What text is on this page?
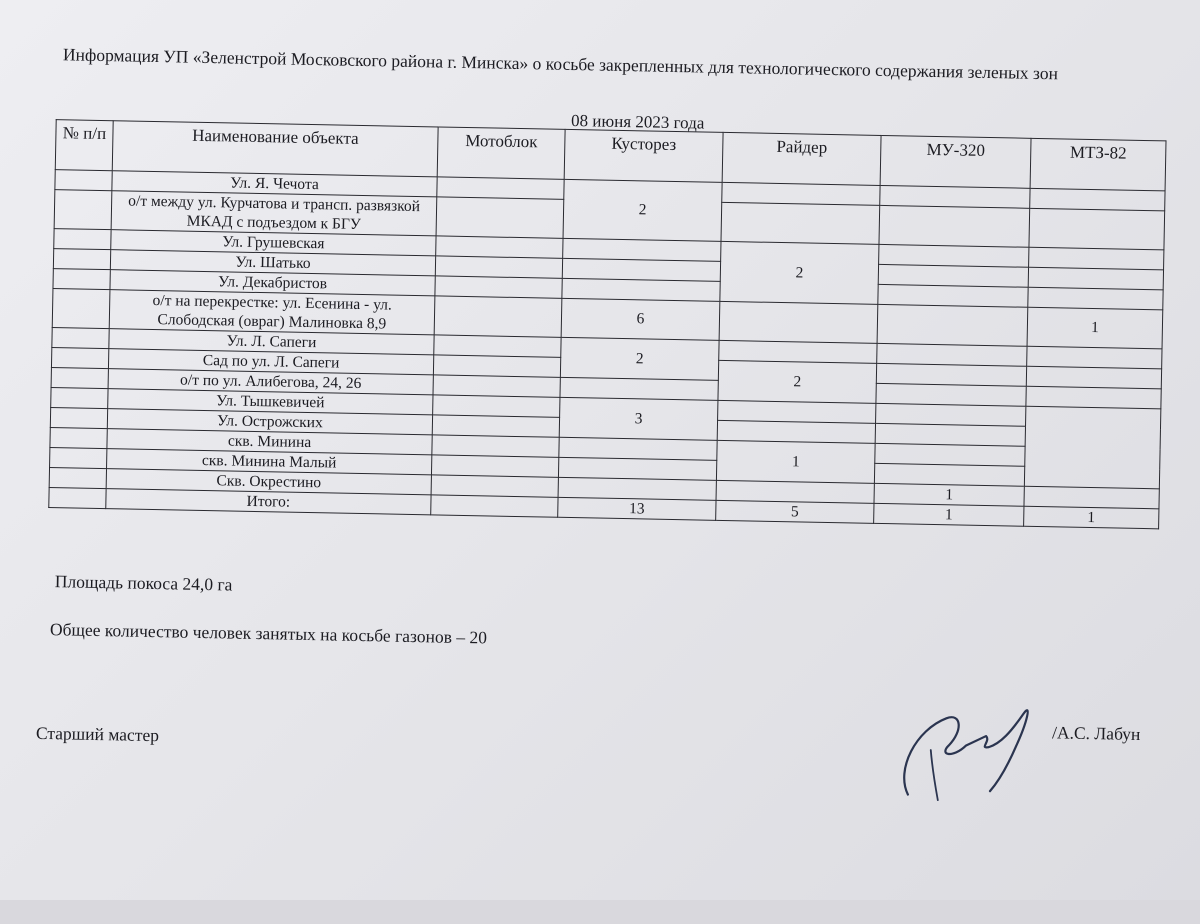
Информация УП «Зеленстрой Московского района г. Минска» о косьбе закрепленных для технологического содержания зеленых зон
08 июня 2023 года
№ п/п	Наименование объекта	Мотоблок	Кусторез	Райдер	МУ-320	МТЗ-82
	Ул. Я. Чечота		2			
	о/т между ул. Курчатова и трансп. развязкой МКАД с подъездом к БГУ					
	Ул. Грушевская			2		
	Ул. Шатько					
	Ул. Декабристов					
	о/т на перекрестке: ул. Есенина - ул. Слободская (овраг) Малиновка 8,9		6			1
	Ул. Л. Сапеги		2			
	Сад по ул. Л. Сапеги			2		
	о/т по ул. Алибегова, 24, 26					
	Ул. Тышкевичей		3			
	Ул. Острожских					
	скв. Минина			1		
	скв. Минина Малый					
	Скв. Окрестино				1	
	Итого:		13	5	1	1
Площадь покоса 24,0 га
Общее количество человек занятых на косьбе газонов – 20
Старший мастер	/А.С. Лабун
